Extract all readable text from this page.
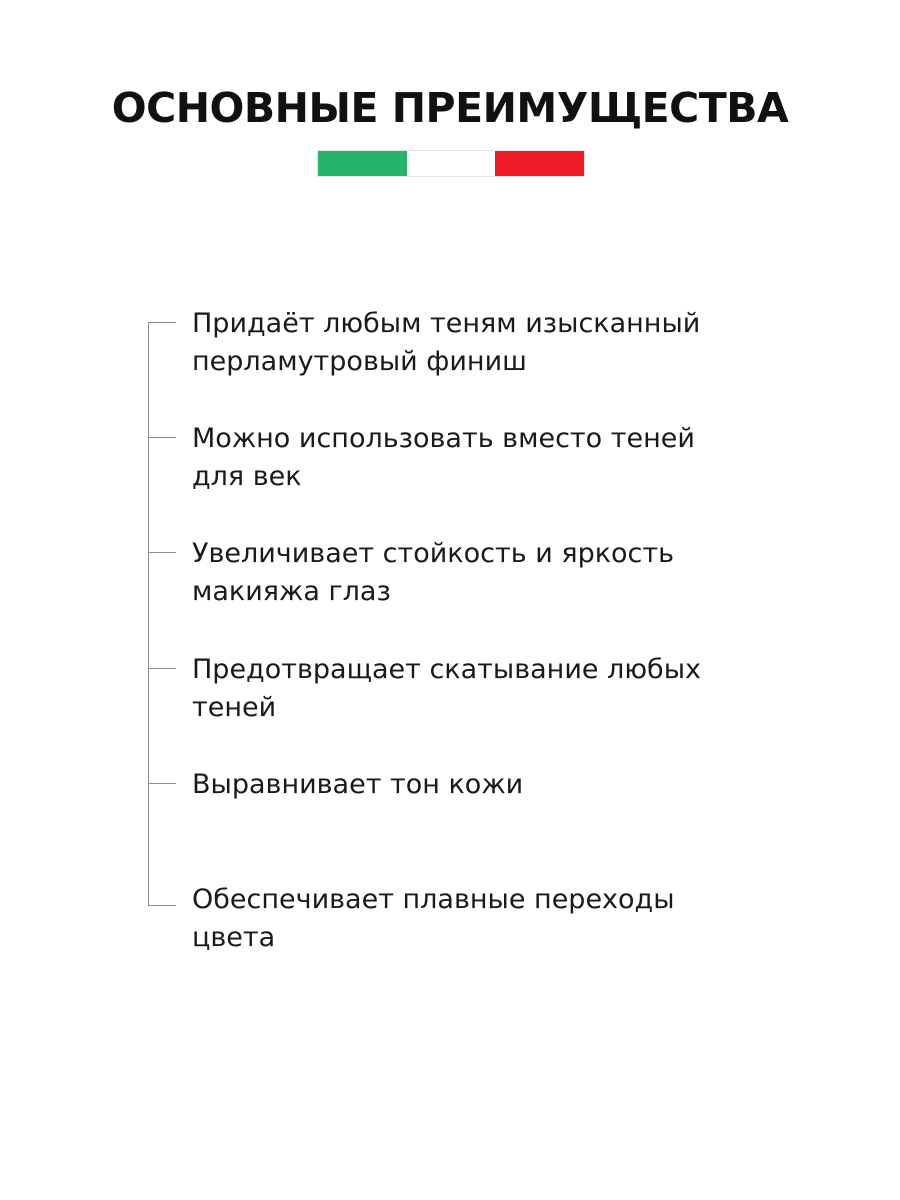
ОСНОВНЫЕ ПРЕИМУЩЕСТВА

Придаёт любым теням изысканный перламутровый финиш

Можно использовать вместо теней для век

Увеличивает стойкость и яркость макияжа глаз

Предотвращает скатывание любых теней

Выравнивает тон кожи

Обеспечивает плавные переходы цвета
